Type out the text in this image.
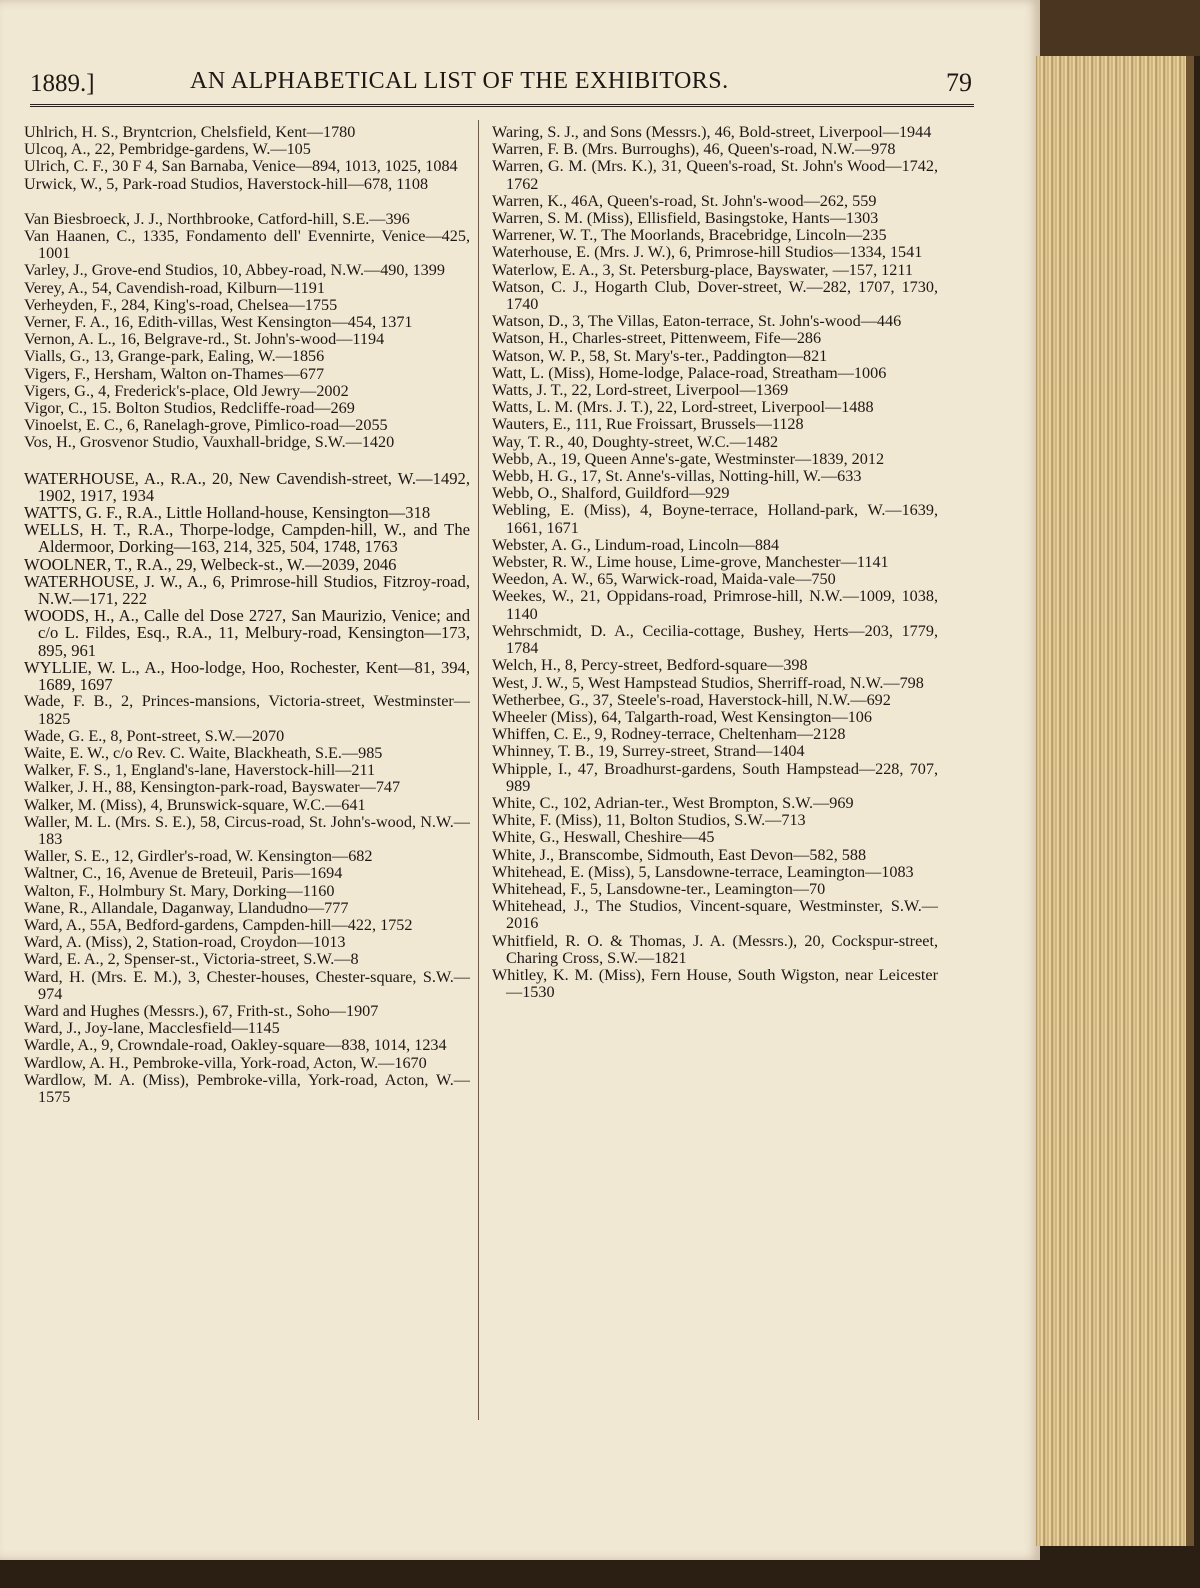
1889.]	AN ALPHABETICAL LIST OF THE EXHIBITORS.	79

Uhlrich, H. S., Bryntcrion, Chelsfield, Kent—1780

Ulcoq, A., 22, Pembridge-gardens, W.—105

Ulrich, C. F., 30 F 4, San Barnaba, Venice—894, 1013, 1025, 1084

Urwick, W., 5, Park-road Studios, Haverstock-hill—678, 1108

Van Biesbroeck, J. J., Northbrooke, Catford-hill, S.E.—396

Van Haanen, C., 1335, Fondamento dell' Evennirte, Venice—425, 1001

Varley, J., Grove-end Studios, 10, Abbey-road, N.W.—490, 1399

Verey, A., 54, Cavendish-road, Kilburn—1191

Verheyden, F., 284, King's-road, Chelsea—1755

Verner, F. A., 16, Edith-villas, West Kensington—454, 1371

Vernon, A. L., 16, Belgrave-rd., St. John's-wood—1194

Vialls, G., 13, Grange-park, Ealing, W.—1856

Vigers, F., Hersham, Walton on-Thames—677

Vigers, G., 4, Frederick's-place, Old Jewry—2002

Vigor, C., 15. Bolton Studios, Redcliffe-road—269

Vinoelst, E. C., 6, Ranelagh-grove, Pimlico-road—2055

Vos, H., Grosvenor Studio, Vauxhall-bridge, S.W.—1420

WATERHOUSE, A., R.A., 20, New Cavendish-street, W.—1492, 1902, 1917, 1934

WATTS, G. F., R.A., Little Holland-house, Kensington—318

WELLS, H. T., R.A., Thorpe-lodge, Campden-hill, W., and The Aldermoor, Dorking—163, 214, 325, 504, 1748, 1763

WOOLNER, T., R.A., 29, Welbeck-st., W.—2039, 2046

WATERHOUSE, J. W., A., 6, Primrose-hill Studios, Fitzroy-road, N.W.—171, 222

WOODS, H., A., Calle del Dose 2727, San Maurizio, Venice; and c/o L. Fildes, Esq., R.A., 11, Melbury-road, Kensington—173, 895, 961

WYLLIE, W. L., A., Hoo-lodge, Hoo, Rochester, Kent—81, 394, 1689, 1697

Wade, F. B., 2, Princes-mansions, Victoria-street, Westminster—1825

Wade, G. E., 8, Pont-street, S.W.—2070

Waite, E. W., c/o Rev. C. Waite, Blackheath, S.E.—985

Walker, F. S., 1, England's-lane, Haverstock-hill—211

Walker, J. H., 88, Kensington-park-road, Bayswater—747

Walker, M. (Miss), 4, Brunswick-square, W.C.—641

Waller, M. L. (Mrs. S. E.), 58, Circus-road, St. John's-wood, N.W.—183

Waller, S. E., 12, Girdler's-road, W. Kensington—682

Waltner, C., 16, Avenue de Breteuil, Paris—1694

Walton, F., Holmbury St. Mary, Dorking—1160

Wane, R., Allandale, Daganway, Llandudno—777

Ward, A., 55A, Bedford-gardens, Campden-hill—422, 1752

Ward, A. (Miss), 2, Station-road, Croydon—1013

Ward, E. A., 2, Spenser-st., Victoria-street, S.W.—8

Ward, H. (Mrs. E. M.), 3, Chester-houses, Chester-square, S.W.—974

Ward and Hughes (Messrs.), 67, Frith-st., Soho—1907

Ward, J., Joy-lane, Macclesfield—1145

Wardle, A., 9, Crowndale-road, Oakley-square—838, 1014, 1234

Wardlow, A. H., Pembroke-villa, York-road, Acton, W.—1670

Wardlow, M. A. (Miss), Pembroke-villa, York-road, Acton, W.—1575

Waring, S. J., and Sons (Messrs.), 46, Bold-street, Liverpool—1944

Warren, F. B. (Mrs. Burroughs), 46, Queen's-road, N.W.—978

Warren, G. M. (Mrs. K.), 31, Queen's-road, St. John's Wood—1742, 1762

Warren, K., 46A, Queen's-road, St. John's-wood—262, 559

Warren, S. M. (Miss), Ellisfield, Basingstoke, Hants—1303

Warrener, W. T., The Moorlands, Bracebridge, Lincoln—235

Waterhouse, E. (Mrs. J. W.), 6, Primrose-hill Studios—1334, 1541

Waterlow, E. A., 3, St. Petersburg-place, Bayswater, —157, 1211

Watson, C. J., Hogarth Club, Dover-street, W.—282, 1707, 1730, 1740

Watson, D., 3, The Villas, Eaton-terrace, St. John's-wood—446

Watson, H., Charles-street, Pittenweem, Fife—286

Watson, W. P., 58, St. Mary's-ter., Paddington—821

Watt, L. (Miss), Home-lodge, Palace-road, Streatham—1006

Watts, J. T., 22, Lord-street, Liverpool—1369

Watts, L. M. (Mrs. J. T.), 22, Lord-street, Liverpool—1488

Wauters, E., 111, Rue Froissart, Brussels—1128

Way, T. R., 40, Doughty-street, W.C.—1482

Webb, A., 19, Queen Anne's-gate, Westminster—1839, 2012

Webb, H. G., 17, St. Anne's-villas, Notting-hill, W.—633

Webb, O., Shalford, Guildford—929

Webling, E. (Miss), 4, Boyne-terrace, Holland-park, W.—1639, 1661, 1671

Webster, A. G., Lindum-road, Lincoln—884

Webster, R. W., Lime house, Lime-grove, Manchester—1141

Weedon, A. W., 65, Warwick-road, Maida-vale—750

Weekes, W., 21, Oppidans-road, Primrose-hill, N.W.—1009, 1038, 1140

Wehrschmidt, D. A., Cecilia-cottage, Bushey, Herts—203, 1779, 1784

Welch, H., 8, Percy-street, Bedford-square—398

West, J. W., 5, West Hampstead Studios, Sherriff-road, N.W.—798

Wetherbee, G., 37, Steele's-road, Haverstock-hill, N.W.—692

Wheeler (Miss), 64, Talgarth-road, West Kensington—106

Whiffen, C. E., 9, Rodney-terrace, Cheltenham—2128

Whinney, T. B., 19, Surrey-street, Strand—1404

Whipple, I., 47, Broadhurst-gardens, South Hampstead—228, 707, 989

White, C., 102, Adrian-ter., West Brompton, S.W.—969

White, F. (Miss), 11, Bolton Studios, S.W.—713

White, G., Heswall, Cheshire—45

White, J., Branscombe, Sidmouth, East Devon—582, 588

Whitehead, E. (Miss), 5, Lansdowne-terrace, Leamington—1083

Whitehead, F., 5, Lansdowne-ter., Leamington—70

Whitehead, J., The Studios, Vincent-square, Westminster, S.W.—2016

Whitfield, R. O. & Thomas, J. A. (Messrs.), 20, Cockspur-street, Charing Cross, S.W.—1821

Whitley, K. M. (Miss), Fern House, South Wigston, near Leicester—1530
